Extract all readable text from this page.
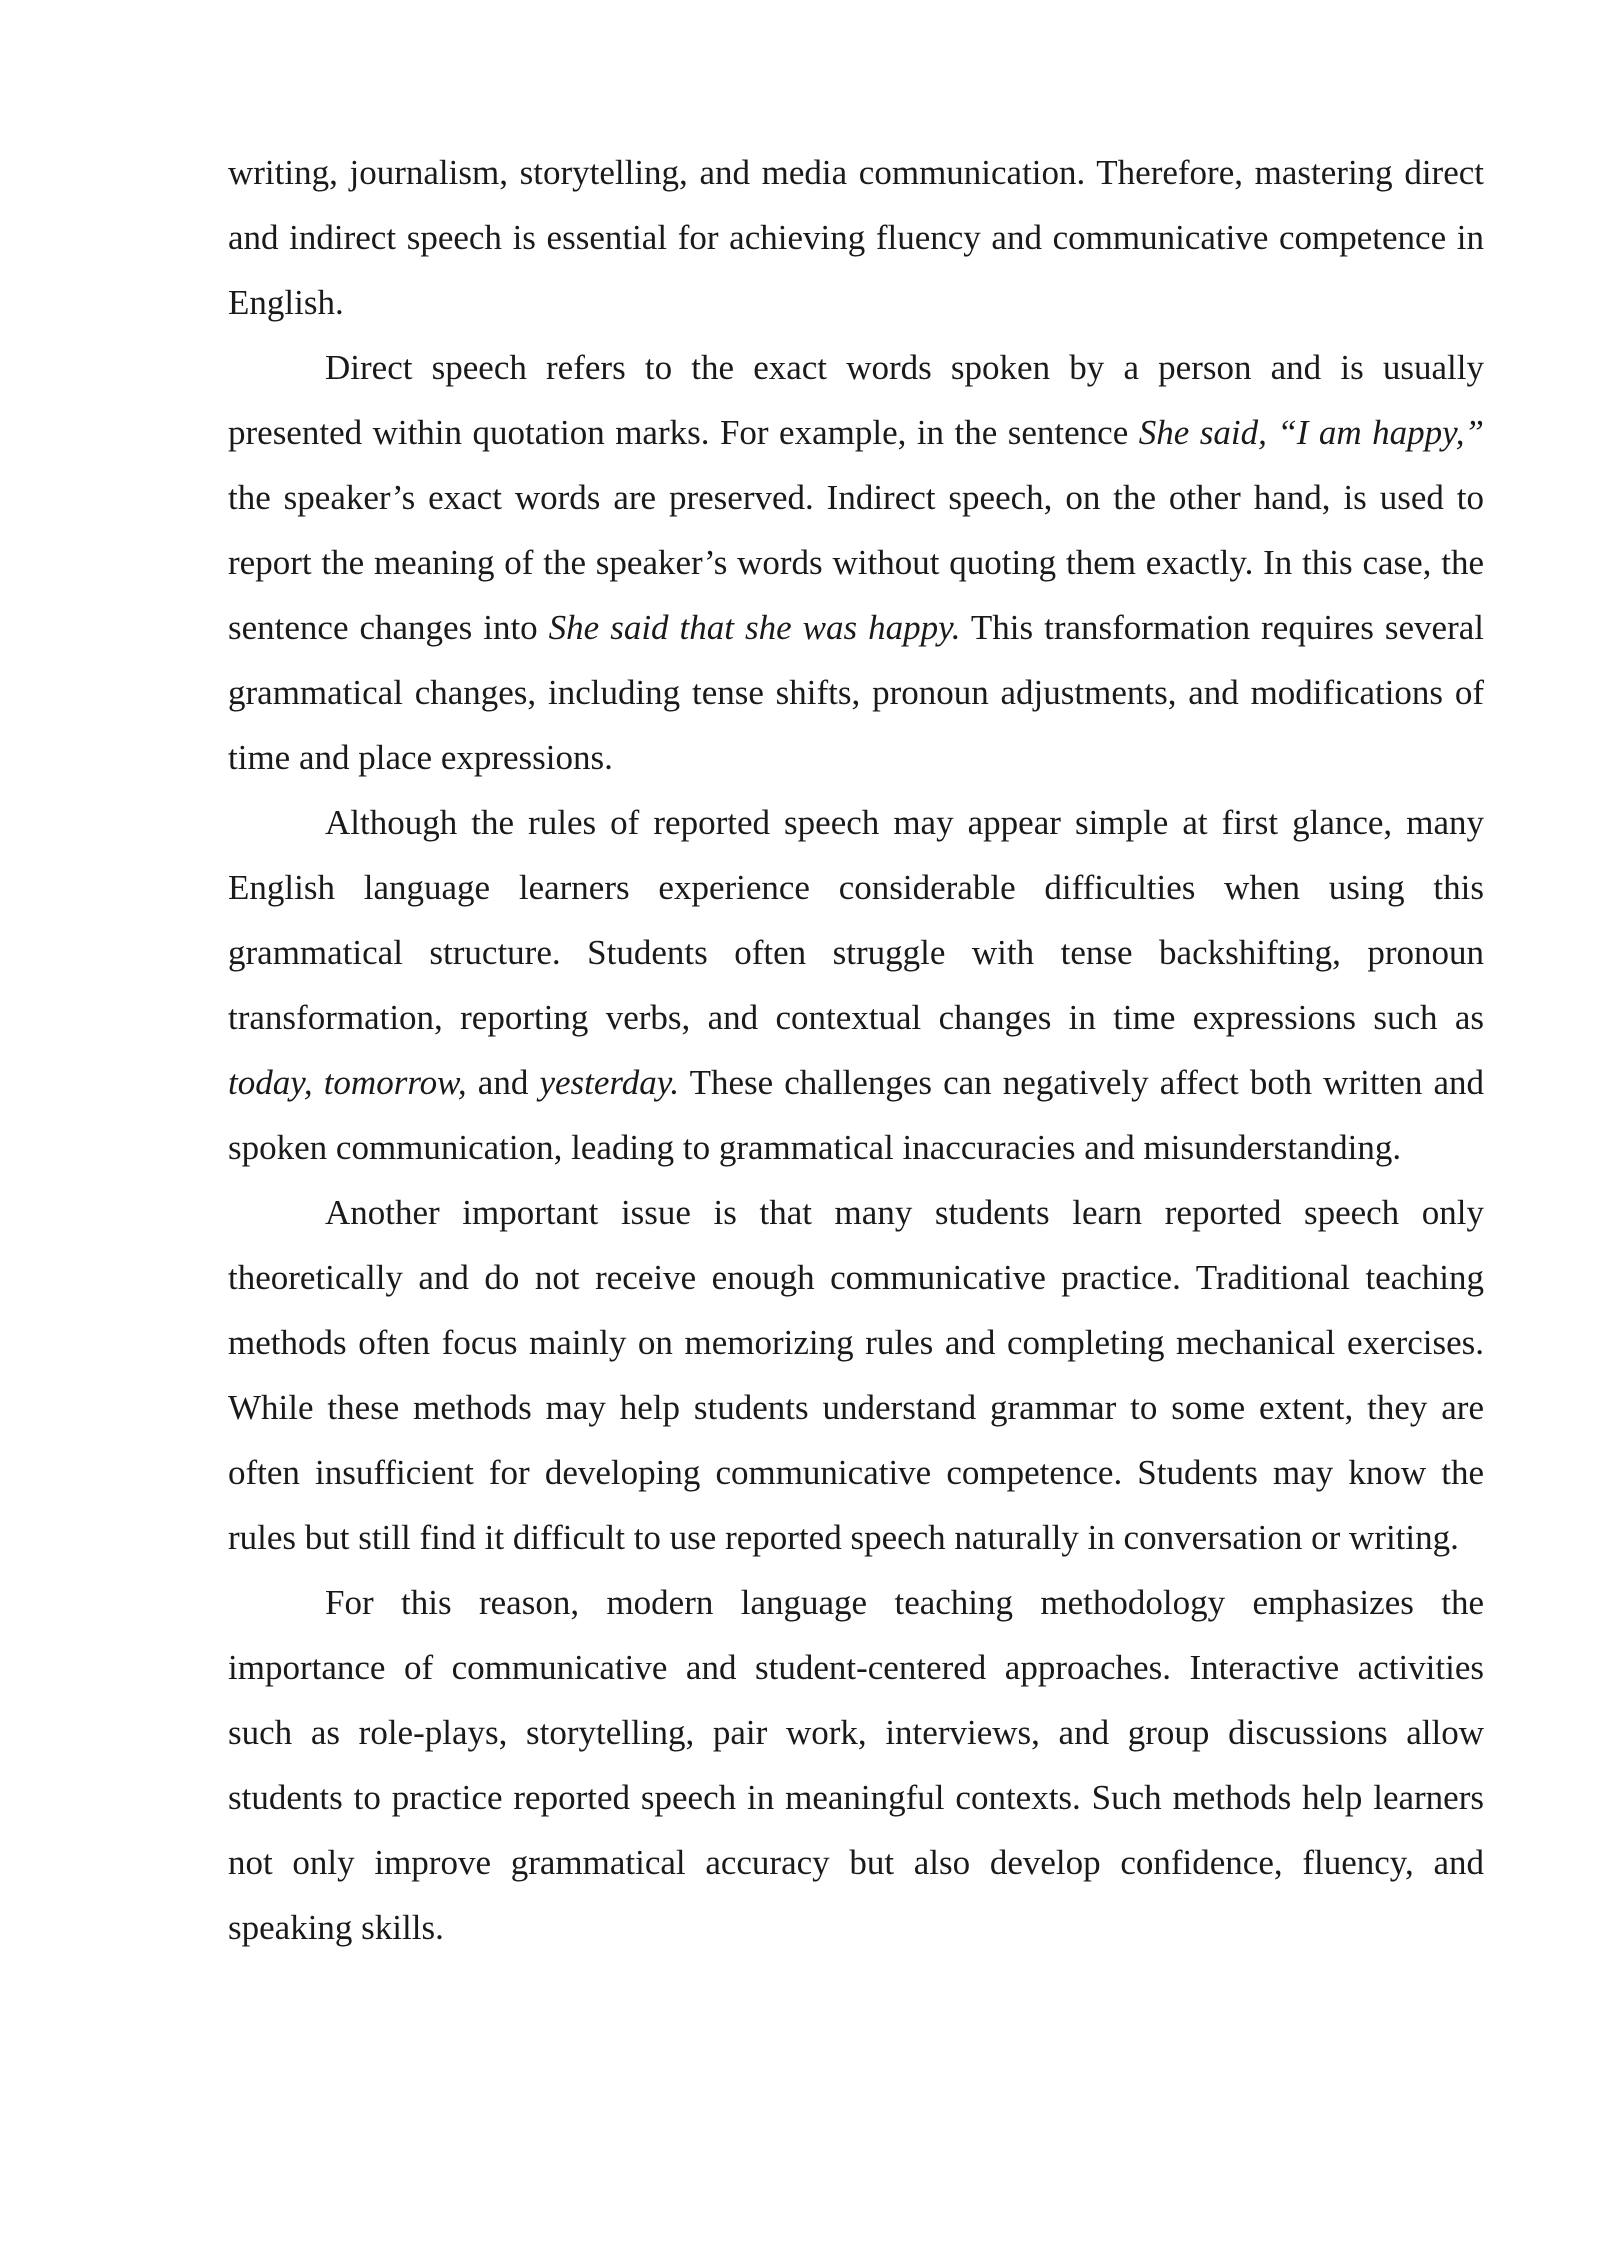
writing, journalism, storytelling, and media communication. Therefore, mastering direct and indirect speech is essential for achieving fluency and communicative competence in English.

Direct speech refers to the exact words spoken by a person and is usually presented within quotation marks. For example, in the sentence She said, “I am happy,” the speaker’s exact words are preserved. Indirect speech, on the other hand, is used to report the meaning of the speaker’s words without quoting them exactly. In this case, the sentence changes into She said that she was happy. This transformation requires several grammatical changes, including tense shifts, pronoun adjustments, and modifications of time and place expressions.

Although the rules of reported speech may appear simple at first glance, many English language learners experience considerable difficulties when using this grammatical structure. Students often struggle with tense backshifting, pronoun transformation, reporting verbs, and contextual changes in time expressions such as today, tomorrow, and yesterday. These challenges can negatively affect both written and spoken communication, leading to grammatical inaccuracies and misunderstanding.

Another important issue is that many students learn reported speech only theoretically and do not receive enough communicative practice. Traditional teaching methods often focus mainly on memorizing rules and completing mechanical exercises. While these methods may help students understand grammar to some extent, they are often insufficient for developing communicative competence. Students may know the rules but still find it difficult to use reported speech naturally in conversation or writing.

For this reason, modern language teaching methodology emphasizes the importance of communicative and student-centered approaches. Interactive activities such as role-plays, storytelling, pair work, interviews, and group discussions allow students to practice reported speech in meaningful contexts. Such methods help learners not only improve grammatical accuracy but also develop confidence, fluency, and speaking skills.
